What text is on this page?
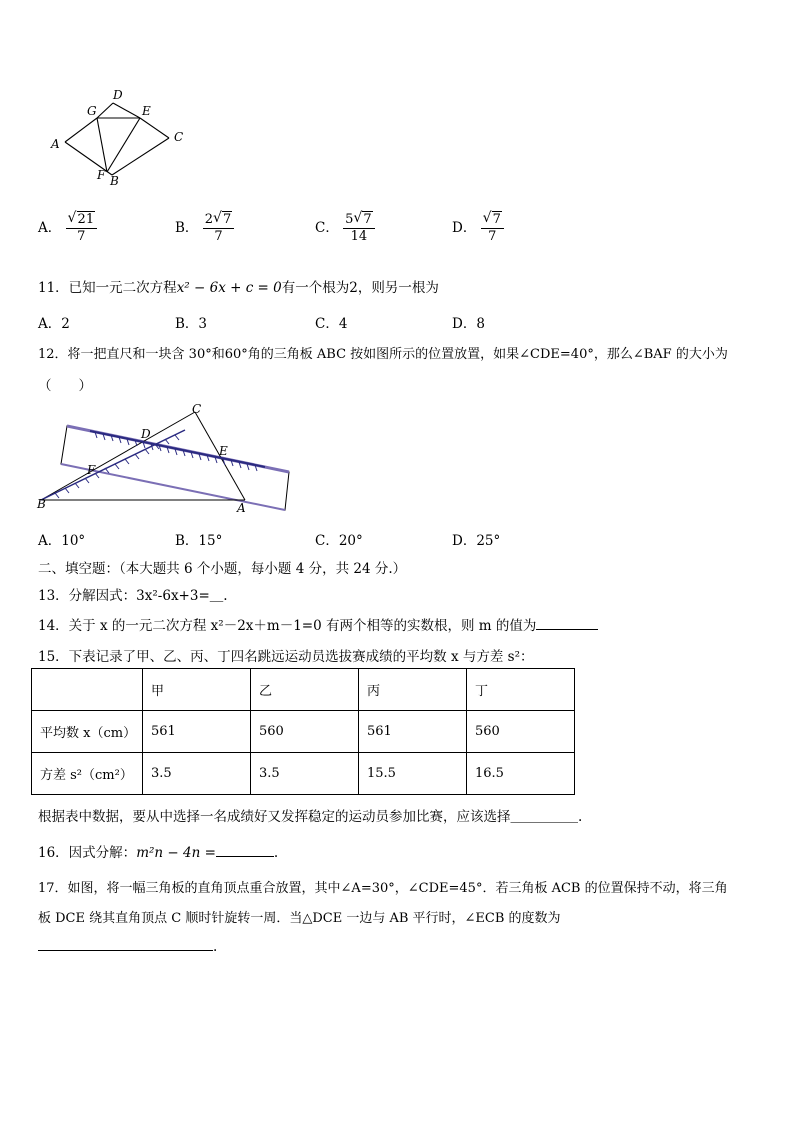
D
G	E
A	C
F B
A． $\frac{√ 21}{7}$	B． $\frac{2 √ 7}{7}$	C． $\frac{5 √ 7}{14}$	D． $\frac{√ 7}{7}$
11．已知一元二次方程x² − 6x + c = 0有一个根为2，则另一根为
A．2	B．3	C．4	D．8
12．将一把直尺和一块含 30°和60°角的三角板 ABC 按如图所示的位置放置，如果∠CDE=40°，那么∠BAF 的大小为
（　　）
C
D
E
F
B	A
A．10°	B．15°	C．20°	D．25°
二、填空题：（本大题共 6 个小题，每小题 4 分，共 24 分.）
13．分解因式：3x²-6x+3=＿.
14．关于 x 的一元二次方程 x²－2x＋m－1=0 有两个相等的实数根，则 m 的值为
15．下表记录了甲、乙、丙、丁四名跳远运动员选拔赛成绩的平均数 x 与方差 s²：
	甲	乙	丙	丁
平均数 x（cm）	561	560	561	560
方差 s²（cm²）	3.5	3.5	15.5	16.5
根据表中数据，要从中选择一名成绩好又发挥稳定的运动员参加比赛，应该选择＿＿＿＿＿.
16．因式分解：m²n − 4n =	.
17．如图，将一幅三角板的直角顶点重合放置，其中∠A=30°，∠CDE=45°．若三角板 ACB 的位置保持不动，将三角
板 DCE 绕其直角顶点 C 顺时针旋转一周．当△DCE 一边与 AB 平行时，∠ECB 的度数为
.
